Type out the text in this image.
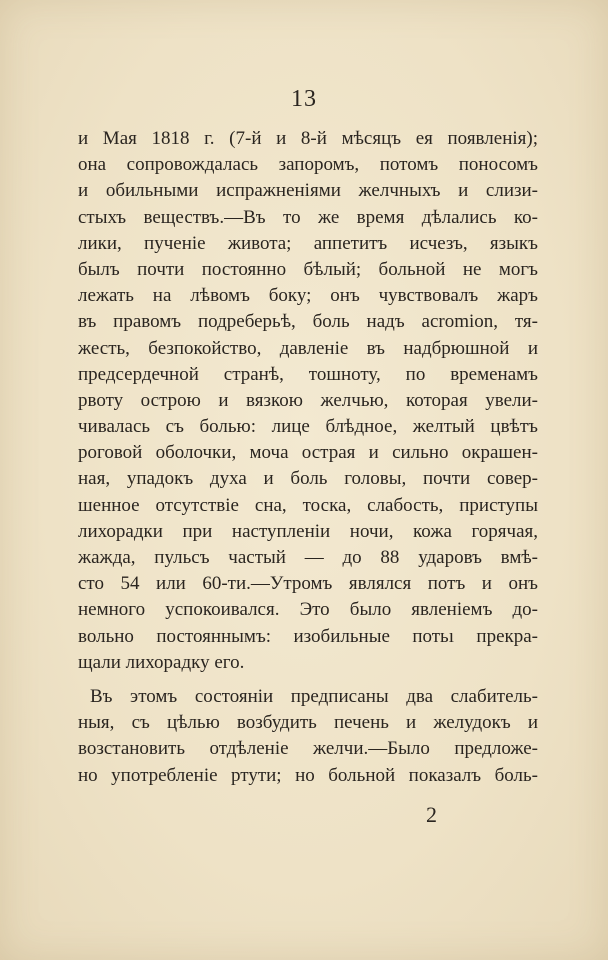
13
и Мая 1818 г. (7-й и 8-й мѣсяцъ ея появленія);
она сопровождалась запоромъ, потомъ поносомъ
и обильными испражненіями желчныхъ и слизи-
стыхъ веществъ.—Въ то же время дѣлались ко-
лики, пученіе живота; аппетитъ исчезъ, языкъ
былъ почти постоянно бѣлый; больной не могъ
лежать на лѣвомъ боку; онъ чувствовалъ жаръ
въ правомъ подреберьѣ, боль надъ acromion, тя-
жесть, безпокойство, давленіе въ надбрюшной и
предсердечной странѣ, тошноту, по временамъ
рвоту острою и вязкою желчью, которая увели-
чивалась съ болью: лице блѣдное, желтый цвѣтъ
роговой оболочки, моча острая и сильно окрашен-
ная, упадокъ духа и боль головы, почти совер-
шенное отсутствіе сна, тоска, слабость, приступы
лихорадки при наступленіи ночи, кожа горячая,
жажда, пульсъ частый — до 88 ударовъ вмѣ-
сто 54 или 60-ти.—Утромъ являлся потъ и онъ
немного успокоивался. Это было явленіемъ до-
вольно постояннымъ: изобильные потьı прекра-
щали лихорадку его.
Въ этомъ состояніи предписаны два слабитель-
ныя, съ цѣлью возбудить печень и желудокъ и
возстановить отдѣленіе желчи.—Было предложе-
но употребленіе ртути; но больной показалъ боль-
2
